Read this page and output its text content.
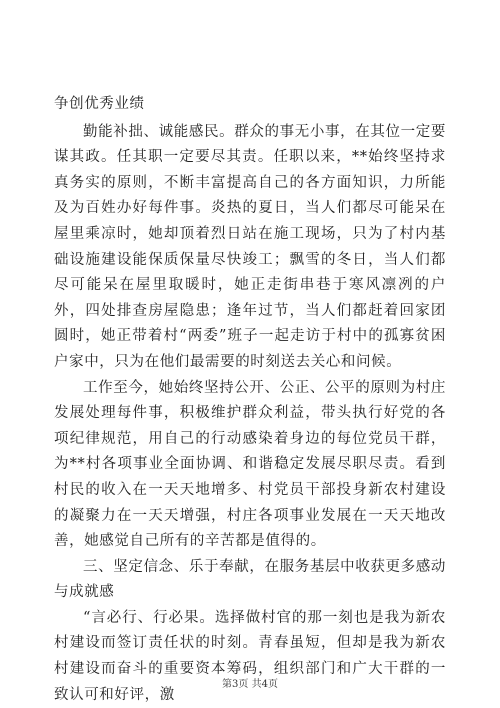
争创优秀业绩

勤能补拙、诚能感民。群众的事无小事，在其位一定要谋其政。任其职一定要尽其责。任职以来，**始终坚持求真务实的原则，不断丰富提高自己的各方面知识，力所能及为百姓办好每件事。炎热的夏日，当人们都尽可能呆在屋里乘凉时，她却顶着烈日站在施工现场，只为了村内基础设施建设能保质保量尽快竣工；飘雪的冬日，当人们都尽可能呆在屋里取暖时，她正走街串巷于寒风凛冽的户外，四处排查房屋隐患；逢年过节，当人们都赶着回家团圆时，她正带着村“两委”班子一起走访于村中的孤寡贫困户家中，只为在他们最需要的时刻送去关心和问候。

工作至今，她始终坚持公开、公正、公平的原则为村庄发展处理每件事，积极维护群众利益，带头执行好党的各项纪律规范，用自己的行动感染着身边的每位党员干群，为**村各项事业全面协调、和谐稳定发展尽职尽责。看到村民的收入在一天天地增多、村党员干部投身新农村建设的凝聚力在一天天增强，村庄各项事业发展在一天天地改善，她感觉自己所有的辛苦都是值得的。

三、坚定信念、乐于奉献，在服务基层中收获更多感动与成就感

“言必行、行必果。选择做村官的那一刻也是我为新农村建设而签订责任状的时刻。青春虽短，但却是我为新农村建设而奋斗的重要资本筹码，组织部门和广大干群的一致认可和好评，激

第3页 共4页
